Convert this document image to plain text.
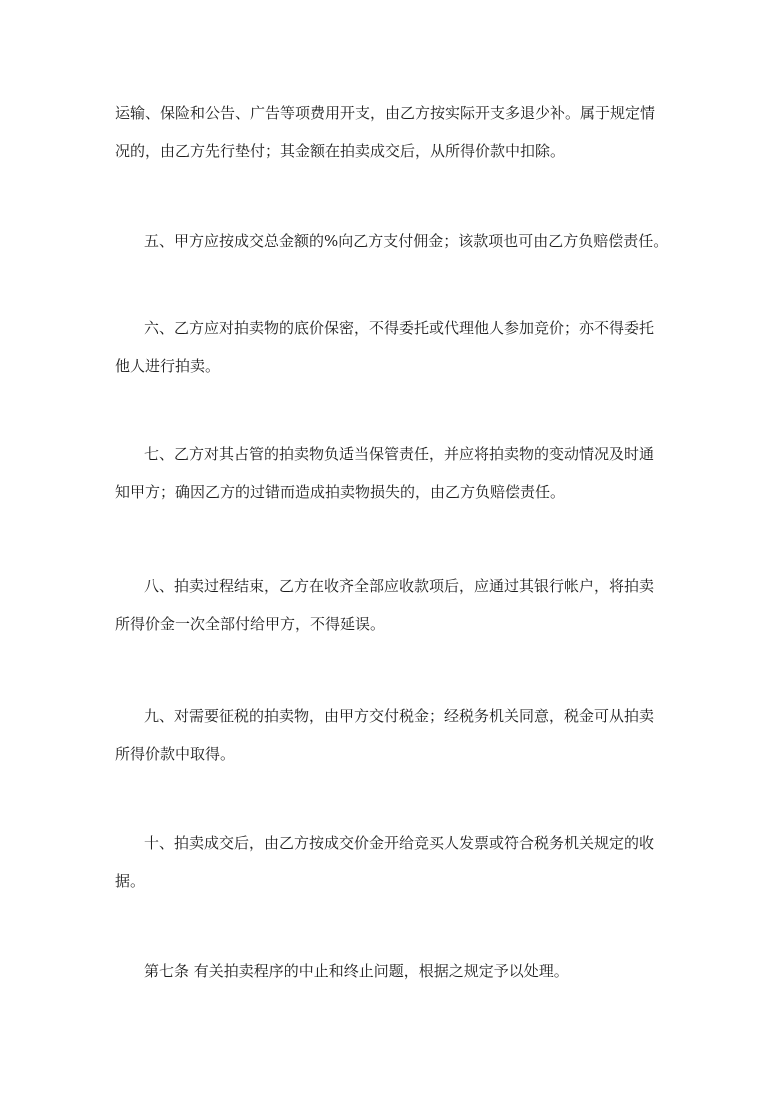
运输、保险和公告、广告等项费用开支，由乙方按实际开支多退少补。属于规定情

况的，由乙方先行垫付；其金额在拍卖成交后，从所得价款中扣除。

五、甲方应按成交总金额的%向乙方支付佣金；该款项也可由乙方负赔偿责任。

六、乙方应对拍卖物的底价保密，不得委托或代理他人参加竞价；亦不得委托

他人进行拍卖。

七、乙方对其占管的拍卖物负适当保管责任，并应将拍卖物的变动情况及时通

知甲方；确因乙方的过错而造成拍卖物损失的，由乙方负赔偿责任。

八、拍卖过程结束，乙方在收齐全部应收款项后，应通过其银行帐户，将拍卖

所得价金一次全部付给甲方，不得延误。

九、对需要征税的拍卖物，由甲方交付税金；经税务机关同意，税金可从拍卖

所得价款中取得。

十、拍卖成交后，由乙方按成交价金开给竞买人发票或符合税务机关规定的收

据。

第七条 有关拍卖程序的中止和终止问题，根据之规定予以处理。
